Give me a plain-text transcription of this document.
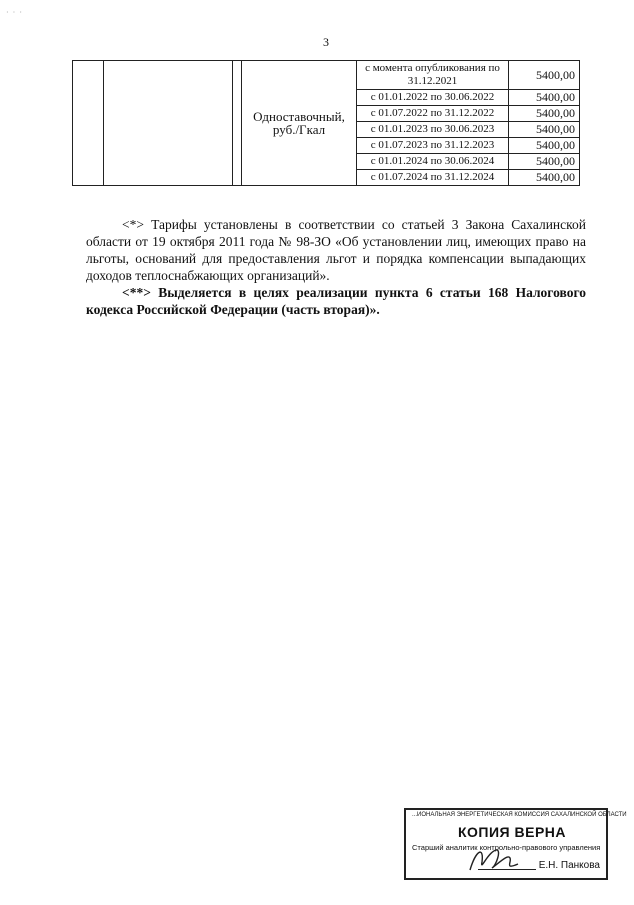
· · ·
3
			Одноставочный, руб./Гкал	с момента опубликования по 31.12.2021	5400,00
				с 01.01.2022 по 30.06.2022	5400,00
				с 01.07.2022 по 31.12.2022	5400,00
				с 01.01.2023 по 30.06.2023	5400,00
				с 01.07.2023 по 31.12.2023	5400,00
				с 01.01.2024 по 30.06.2024	5400,00
				с 01.07.2024 по 31.12.2024	5400,00

<*> Тарифы установлены в соответствии со статьей 3 Закона Сахалинской области от 19 октября 2011 года № 98-ЗО «Об установлении лиц, имеющих право на льготы, оснований для предоставления льгот и порядка компенсации выпадающих доходов теплоснабжающих организаций».

<**> Выделяется в целях реализации пункта 6 статьи 168 Налогового кодекса Российской Федерации (часть вторая)».

...ИОНАЛЬНАЯ ЭНЕРГЕТИЧЕСКАЯ КОМИССИЯ САХАЛИНСКОЙ ОБЛАСТИ
КОПИЯ ВЕРНА
Старший аналитик контрольно-правового управления
Е.Н. Панкова
